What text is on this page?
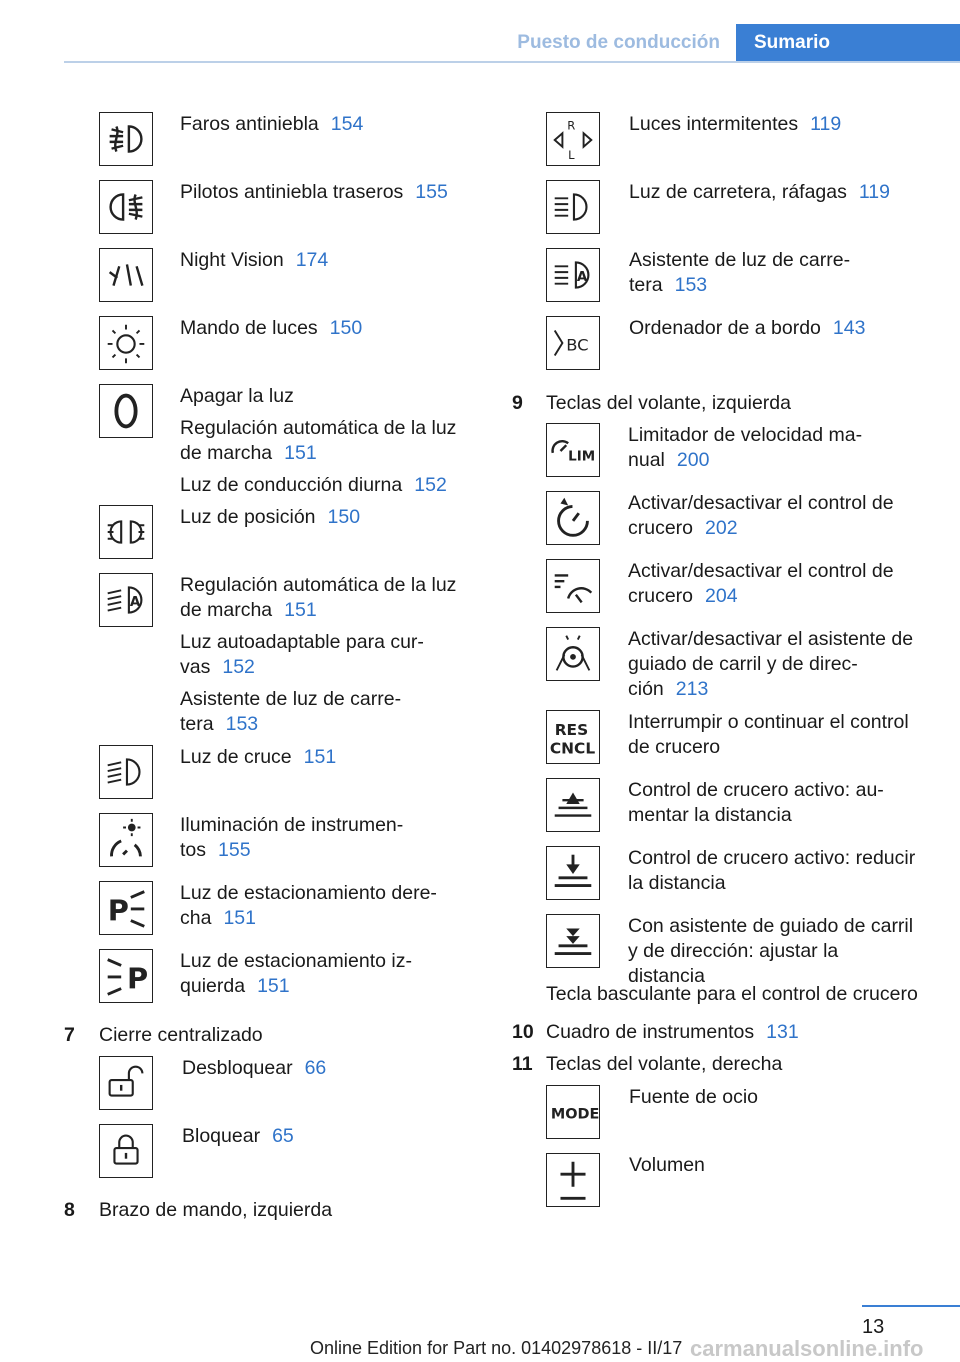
Puesto de conducción	Sumario

Faros antiniebla 154

Pilotos antiniebla traseros 155

Night Vision 174

Mando de luces 150

Apagar la luz

Regulación automática de la luz de marcha 151

Luz de conducción diurna 152

Luz de posición 150

A

Regulación automática de la luz de marcha 151

Luz autoadaptable para cur-vas 152

Asistente de luz de carre-tera 153

Luz de cruce 151

Iluminación de instrumen-tos 155

P

Luz de estacionamiento dere-cha 151

P

Luz de estacionamiento iz-quierda 151

7 Cierre centralizado

Desbloquear 66

Bloquear 65

8 Brazo de mando, izquierda
R
L

Luces intermitentes 119

Luz de carretera, ráfagas 119

A

Asistente de luz de carre-tera 153

BC

Ordenador de a bordo 143

9 Teclas del volante, izquierda
LIM

Limitador de velocidad ma-nual 200

Activar/desactivar el control de crucero 202

Activar/desactivar el control de crucero 204

Activar/desactivar el asistente de guiado de carril y de direc-ción 213

RES
CNCL

Interrumpir o continuar el control de crucero

Control de crucero activo: au-mentar la distancia

Control de crucero activo: reducir la distancia

Con asistente de guiado de carril y de dirección: ajustar la distancia

Tecla basculante para el control de crucero
10 Cuadro de instrumentos 131
11 Teclas del volante, derecha
MODE

Fuente de ocio

Volumen

13
Online Edition for Part no. 01402978618 - II/17 carmanualsonline.info
